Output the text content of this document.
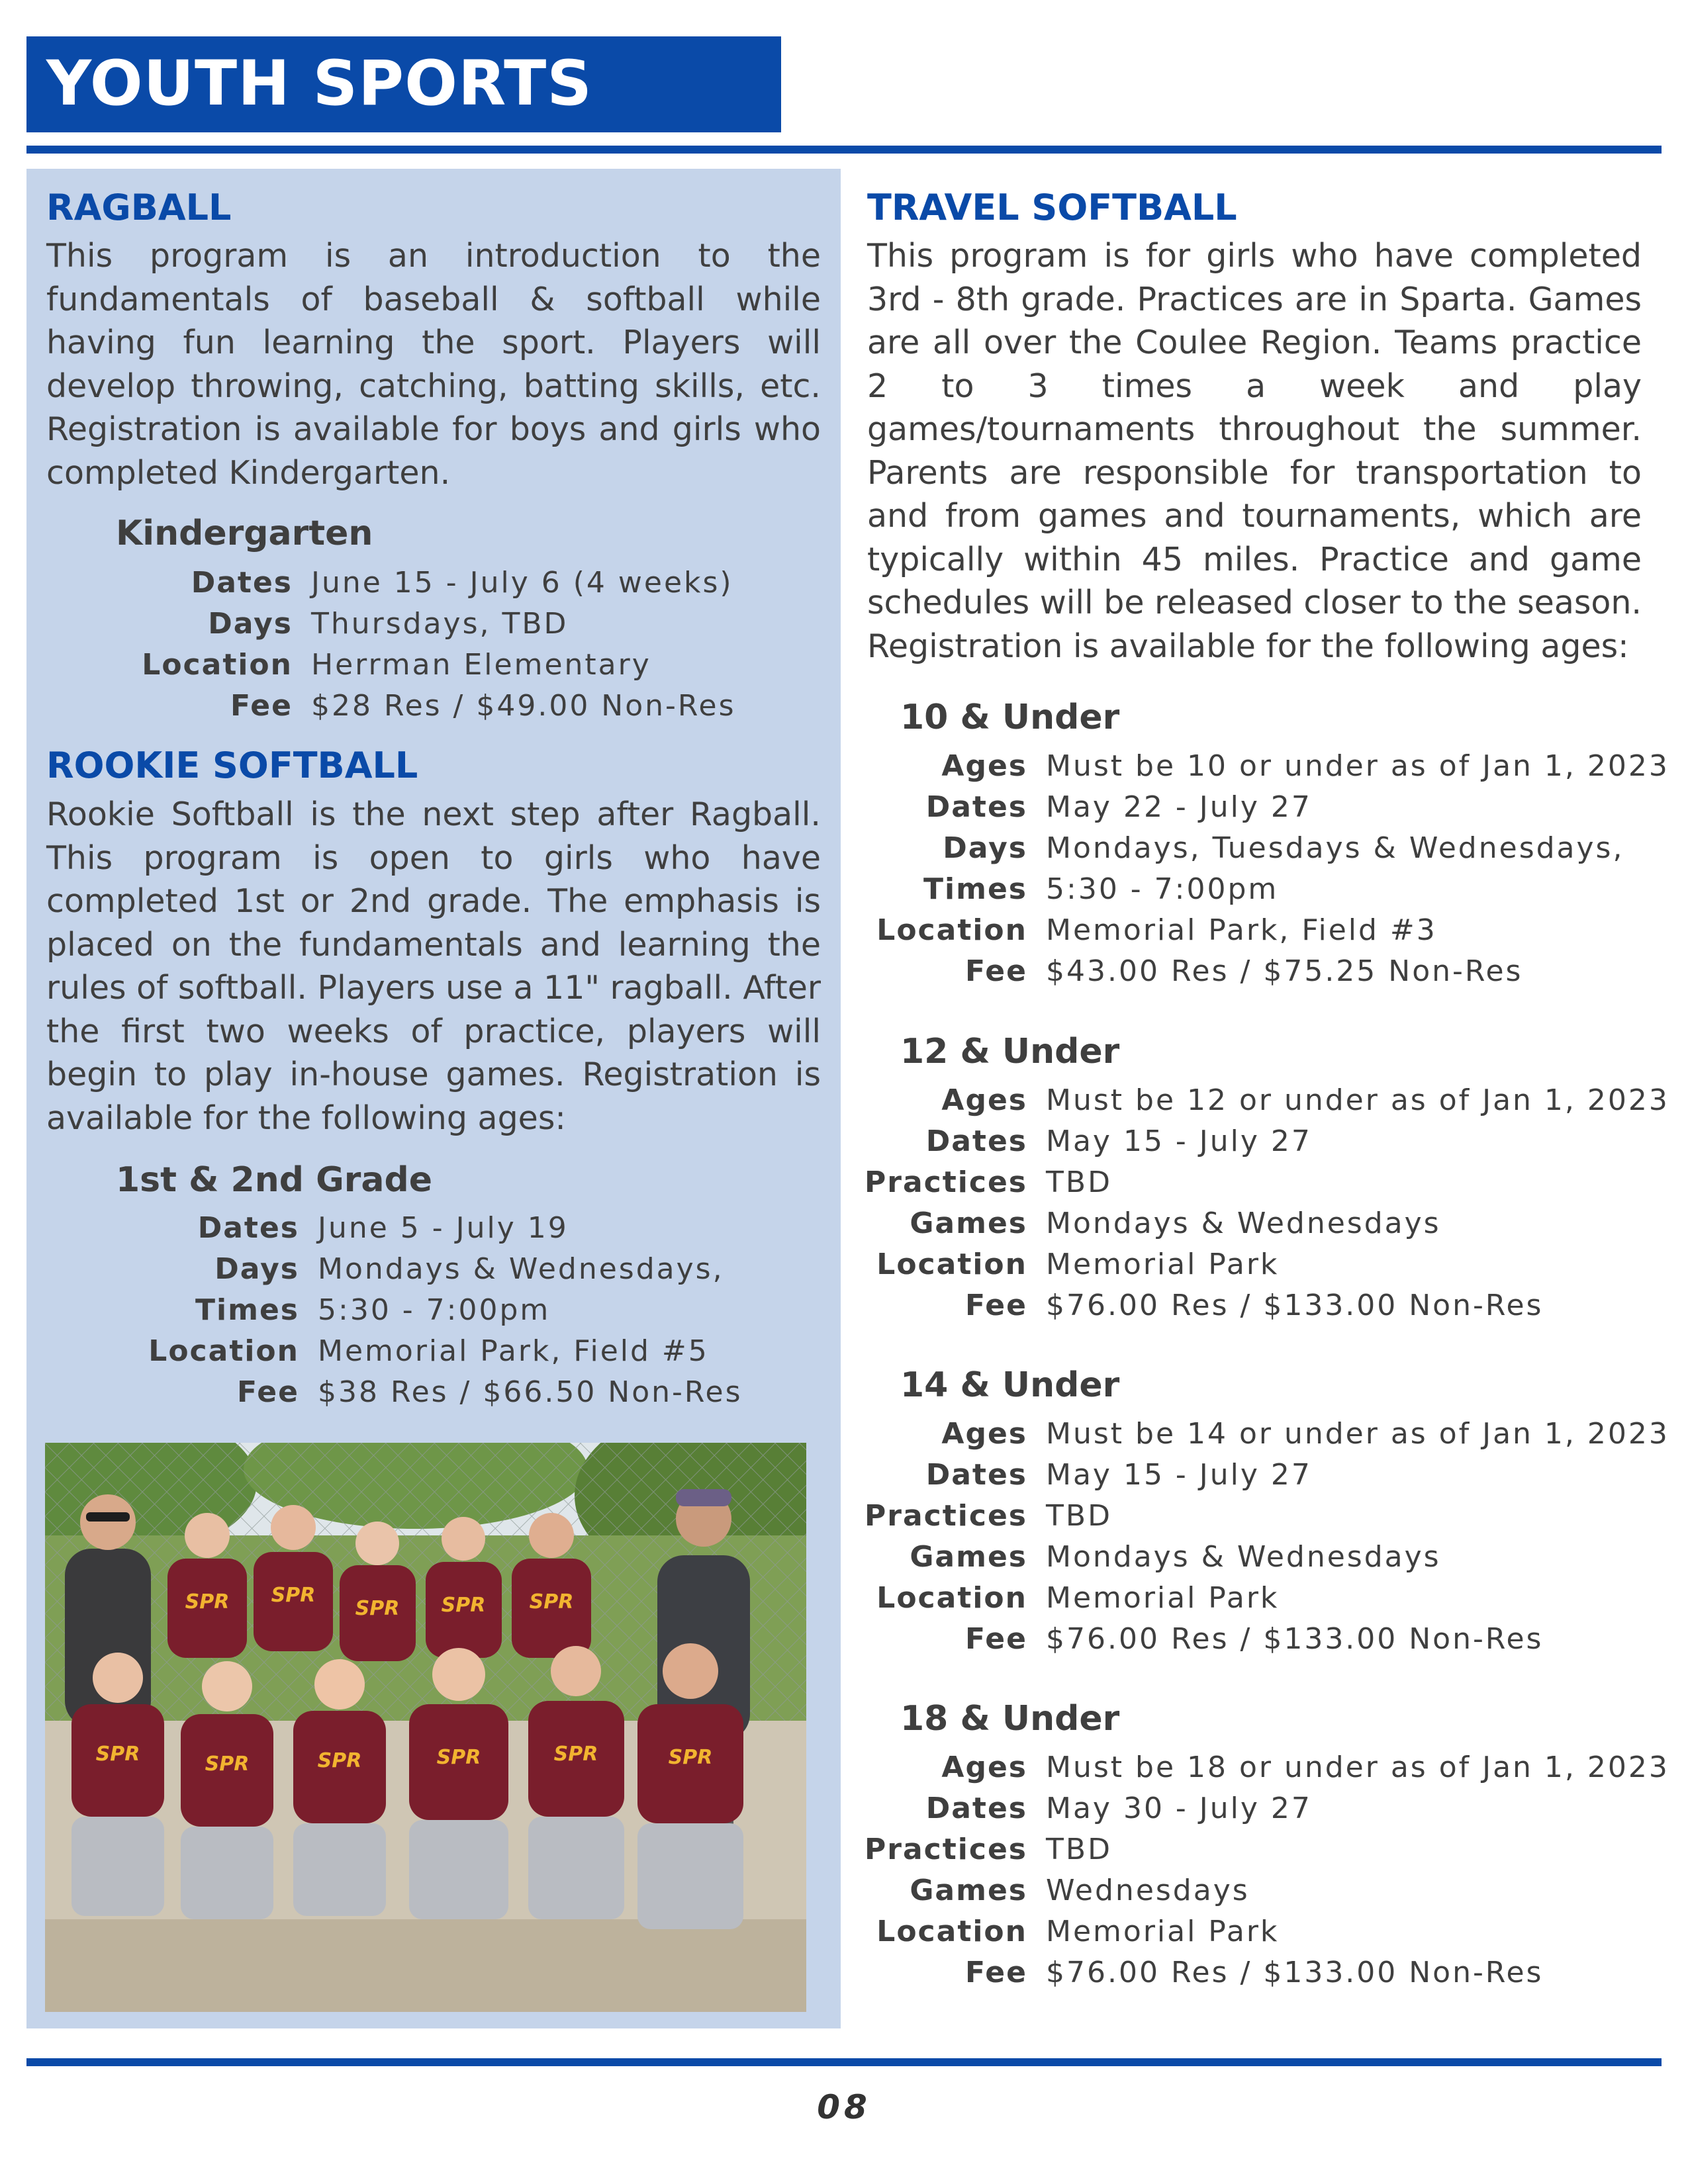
YOUTH SPORTS
RAGBALL
This program is an introduction to the fundamentals of baseball & softball while having fun learning the sport. Players will develop throwing, catching, batting skills, etc. Registration is available for boys and girls who completed Kindergarten.
Kindergarten
Dates June 15 - July 6 (4 weeks)
Days Thursdays, TBD
Location Herrman Elementary
Fee $28 Res / $49.00 Non-Res
ROOKIE SOFTBALL
Rookie Softball is the next step after Ragball. This program is open to girls who have completed 1st or 2nd grade. The emphasis is placed on the fundamentals and learning the rules of softball. Players use a 11" ragball. After the first two weeks of practice, players will begin to play in-house games. Registration is available for the following ages:
1st & 2nd Grade
Dates June 5 - July 19
Days Mondays & Wednesdays,
Times 5:30 - 7:00pm
Location Memorial Park, Field #5
Fee $38 Res / $66.50 Non-Res
SPR SPR
SPR SPR SPR
SPR	SPR	SPR	SPR	SPR	SPR
TRAVEL SOFTBALL
This program is for girls who have completed 3rd - 8th grade. Practices are in Sparta. Games are all over the Coulee Region. Teams practice 2 to 3 times a week and play games/tournaments throughout the summer. Parents are responsible for transportation to and from games and tournaments, which are typically within 45 miles. Practice and game schedules will be released closer to the season. Registration is available for the following ages:
10 & Under
Ages Must be 10 or under as of Jan 1, 2023
Dates May 22 - July 27
Days Mondays, Tuesdays & Wednesdays,
Times 5:30 - 7:00pm
Location Memorial Park, Field #3
Fee $43.00 Res / $75.25 Non-Res
12 & Under
Ages Must be 12 or under as of Jan 1, 2023
Dates May 15 - July 27
Practices TBD
Games Mondays & Wednesdays
Location Memorial Park
Fee $76.00 Res / $133.00 Non-Res
14 & Under
Ages Must be 14 or under as of Jan 1, 2023
Dates May 15 - July 27
Practices TBD
Games Mondays & Wednesdays
Location Memorial Park
Fee $76.00 Res / $133.00 Non-Res
18 & Under
Ages Must be 18 or under as of Jan 1, 2023
Dates May 30 - July 27
Practices TBD
Games Wednesdays
Location Memorial Park
Fee $76.00 Res / $133.00 Non-Res
08
